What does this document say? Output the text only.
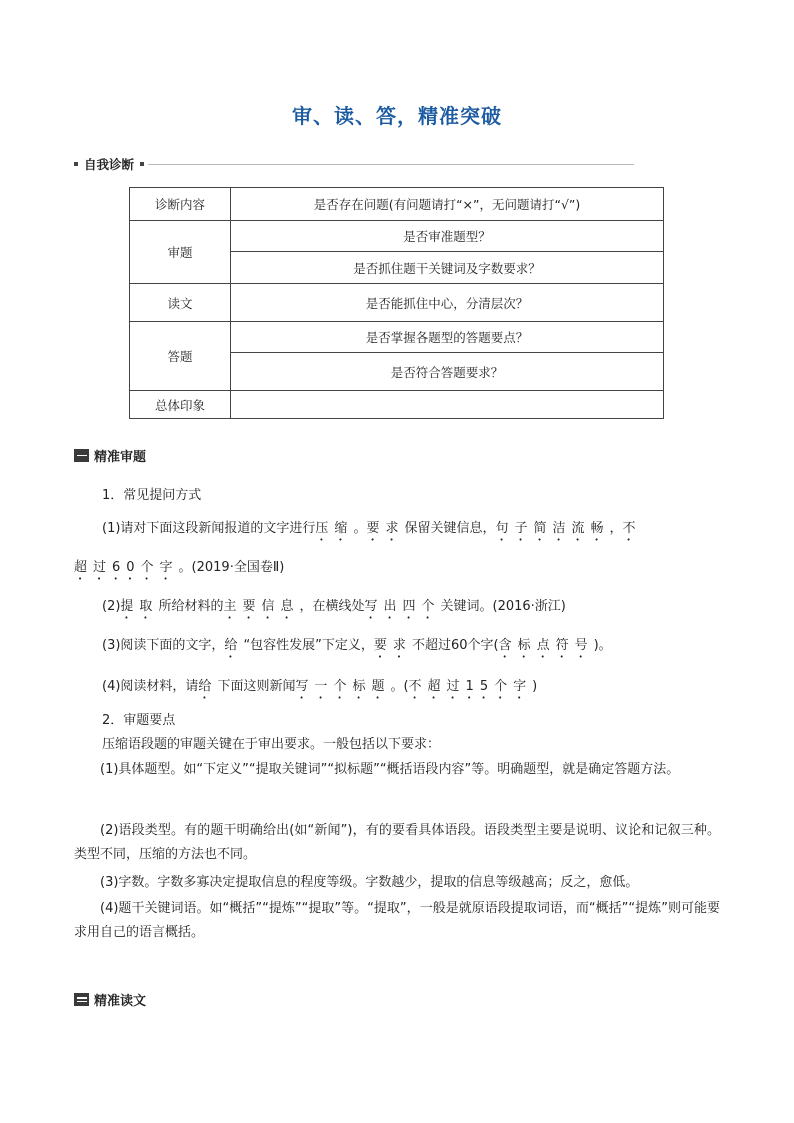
审、读、答，精准突破
自我诊断
诊断内容	是否存在问题(有问题请打“×”，无问题请打“√”)
审题	是否审准题型？
	是否抓住题干关键词及字数要求？
读文	是否能抓住中心，分清层次？
答题	是否掌握各题型的答题要点？
	是否符合答题要求？
总体印象	
精准审题
1．常见提问方式
(1)请对下面这段新闻报道的文字进行压缩。要求保留关键信息，句子简洁流畅，不
超过60个字。(2019·全国卷Ⅱ)
(2)提取所给材料的主要信息，在横线处写出四个关键词。(2016·浙江)
(3)阅读下面的文字，给“包容性发展”下定义，要求不超过60个字(含标点符号)。
(4)阅读材料，请给下面这则新闻写一个标题。(不超过15个字)
2．审题要点
压缩语段题的审题关键在于审出要求。一般包括以下要求：
(1)具体题型。如“下定义”“提取关键词”“拟标题”“概括语段内容”等。明确题型，就是确定答题方法。
(2)语段类型。有的题干明确给出(如“新闻”)，有的要看具体语段。语段类型主要是说明、议论和记叙三种。类型不同，压缩的方法也不同。
(3)字数。字数多寡决定提取信息的程度等级。字数越少，提取的信息等级越高；反之，愈低。
(4)题干关键词语。如“概括”“提炼”“提取”等。“提取”，一般是就原语段提取词语，而“概括”“提炼”则可能要求用自己的语言概括。
精准读文
